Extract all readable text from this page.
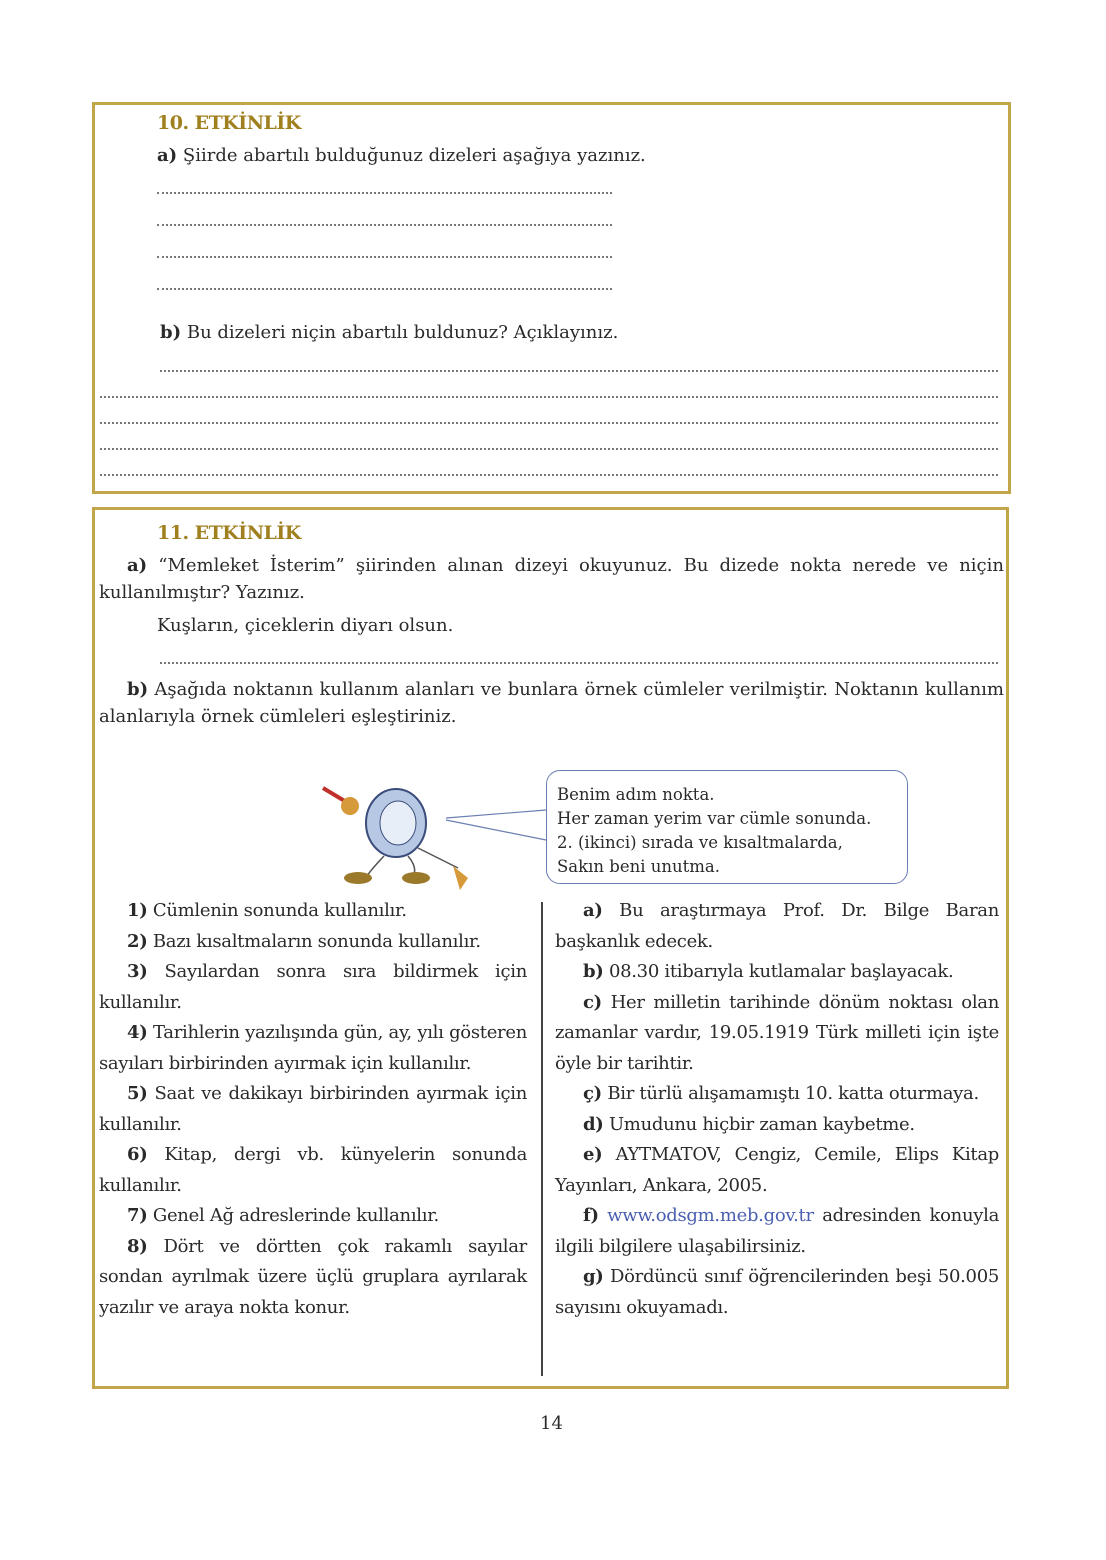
10. ETKİNLİK
a) Şiirde abartılı bulduğunuz dizeleri aşağıya yazınız.
b) Bu dizeleri niçin abartılı buldunuz? Açıklayınız.
11. ETKİNLİK

a) “Memleket İsterim” şiirinden alınan dizeyi okuyunuz. Bu dizede nokta nerede ve niçin kullanılmıştır? Yazınız.

Kuşların, çiceklerin diyarı olsun.

b) Aşağıda noktanın kullanım alanları ve bunlara örnek cümleler verilmiştir. Noktanın kullanım alanlarıyla örnek cümleleri eşleştiriniz.

Benim adım nokta.
Her zaman yerim var cümle sonunda.
2. (ikinci) sırada ve kısaltmalarda,
Sakın beni unutma.

1) Cümlenin sonunda kullanılır.

2) Bazı kısaltmaların sonunda kullanılır.

3) Sayılardan sonra sıra bildirmek için kullanılır.

4) Tarihlerin yazılışında gün, ay, yılı gösteren sayıları birbirinden ayırmak için kullanılır.

5) Saat ve dakikayı birbirinden ayırmak için kullanılır.

6) Kitap, dergi vb. künyelerin sonunda kullanılır.

7) Genel Ağ adreslerinde kullanılır.

8) Dört ve dörtten çok rakamlı sayılar sondan ayrılmak üzere üçlü gruplara ayrılarak yazılır ve araya nokta konur.

a) Bu araştırmaya Prof. Dr. Bilge Baran başkanlık edecek.

b) 08.30 itibarıyla kutlamalar başlayacak.

c) Her milletin tarihinde dönüm noktası olan zamanlar vardır, 19.05.1919 Türk milleti için işte öyle bir tarihtir.

ç) Bir türlü alışamamıştı 10. katta oturmaya.

d) Umudunu hiçbir zaman kaybetme.

e) AYTMATOV, Cengiz, Cemile, Elips Kitap Yayınları, Ankara, 2005.

f) www.odsgm.meb.gov.tr adresinden konuyla ilgili bilgilere ulaşabilirsiniz.

g) Dördüncü sınıf öğrencilerinden beşi 50.005 sayısını okuyamadı.

14
